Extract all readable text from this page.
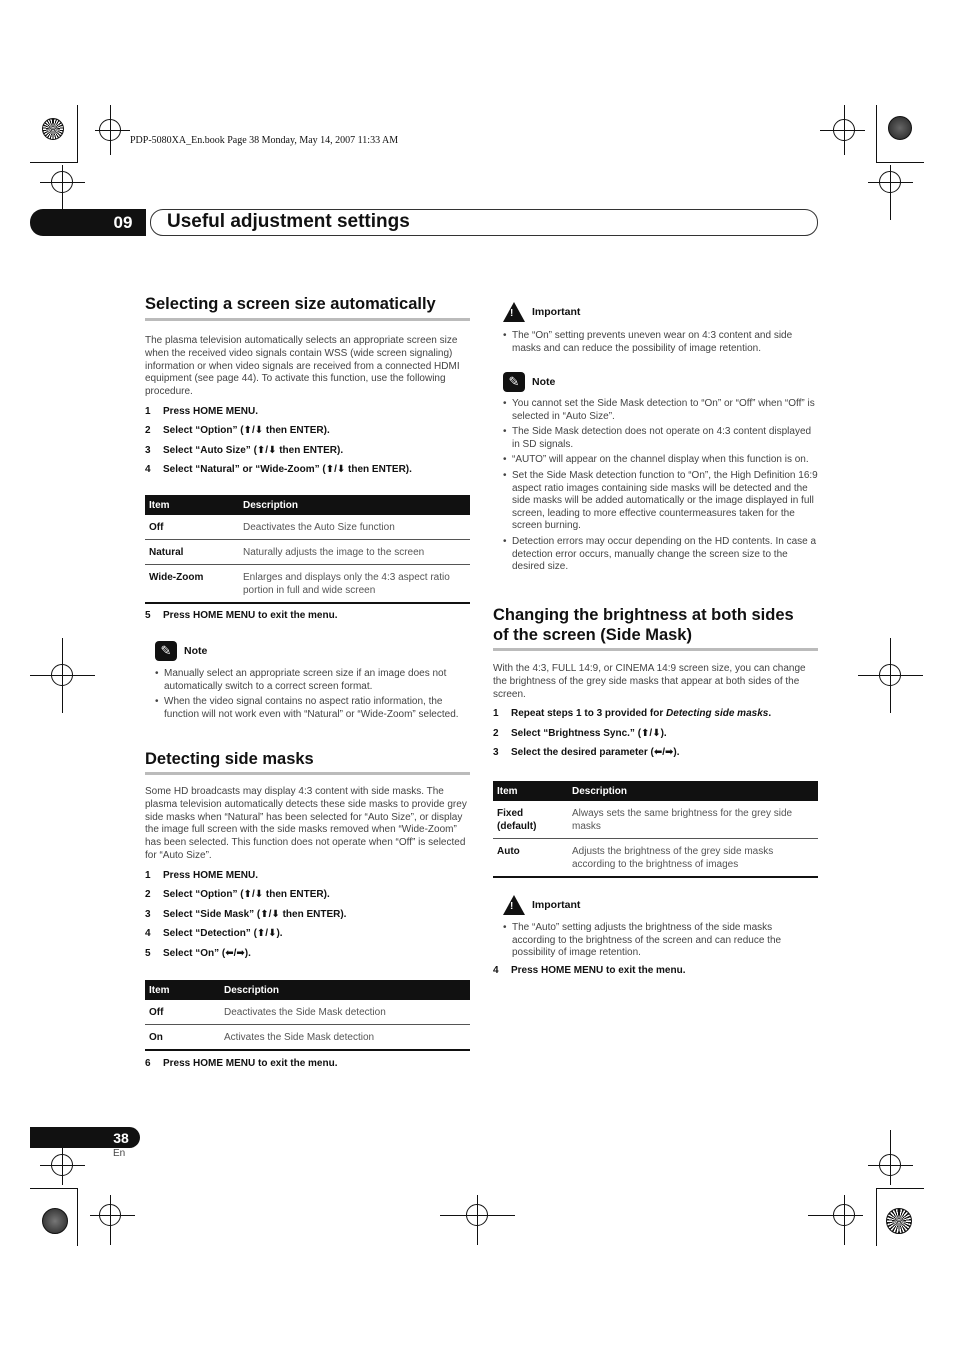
PDP-5080XA_En.book Page 38 Monday, May 14, 2007 11:33 AM
09 Useful adjustment settings
Selecting a screen size automatically
The plasma television automatically selects an appropriate screen size when the received video signals contain WSS (wide screen signaling) information or when video signals are received from a connected HDMI equipment (see page 44). To activate this function, use the following procedure.
1	Press HOME MENU.
2	Select “Option” (⬆/⬇ then ENTER).
3	Select “Auto Size” (⬆/⬇ then ENTER).
4	Select “Natural” or “Wide-Zoom” (⬆/⬇ then ENTER).
Item	Description
Off	Deactivates the Auto Size function
Natural	Naturally adjusts the image to the screen
Wide-Zoom	Enlarges and displays only the 4:3 aspect ratio portion in full and wide screen
5	Press HOME MENU to exit the menu.
✎	Note
• Manually select an appropriate screen size if an image does not automatically switch to a correct screen format.
• When the video signal contains no aspect ratio information, the function will not work even with “Natural” or “Wide-Zoom” selected.
Detecting side masks
Some HD broadcasts may display 4:3 content with side masks. The plasma television automatically detects these side masks to provide grey side masks when “Natural” has been selected for “Auto Size”, or display the image full screen with the side masks removed when “Wide-Zoom” has been selected. This function does not operate when “Off” is selected for “Auto Size”.
1	Press HOME MENU.
2	Select “Option” (⬆/⬇ then ENTER).
3	Select “Side Mask” (⬆/⬇ then ENTER).
4	Select “Detection” (⬆/⬇).
5	Select “On” (⬅/➡).
Item	Description
Off	Deactivates the Side Mask detection
On	Activates the Side Mask detection
6	Press HOME MENU to exit the menu.
! Important
• The “On” setting prevents uneven wear on 4:3 content and side masks and can reduce the possibility of image retention.
✎	Note
• You cannot set the Side Mask detection to “On” or “Off” when “Off” is selected in “Auto Size”.
• The Side Mask detection does not operate on 4:3 content displayed in SD signals.
• “AUTO” will appear on the channel display when this function is on.
• Set the Side Mask detection function to “On”, the High Definition 16:9 aspect ratio images containing side masks will be detected and the side masks will be added automatically or the image displayed in full screen, leading to more effective countermeasures taken for the screen burning.
• Detection errors may occur depending on the HD contents. In case a detection error occurs, manually change the screen size to the desired size.
Changing the brightness at both sides
of the screen (Side Mask)
With the 4:3, FULL 14:9, or CINEMA 14:9 screen size, you can change the brightness of the grey side masks that appear at both sides of the screen.
1	Repeat steps 1 to 3 provided for Detecting side masks.
2	Select “Brightness Sync.” (⬆/⬇).
3	Select the desired parameter (⬅/➡).
Item	Description
Fixed (default)	Always sets the same brightness for the grey side masks
Auto	Adjusts the brightness of the grey side masks according to the brightness of images
! Important
• The “Auto” setting adjusts the brightness of the side masks according to the brightness of the screen and can reduce the possibility of image retention.
4	Press HOME MENU to exit the menu.
38
En
